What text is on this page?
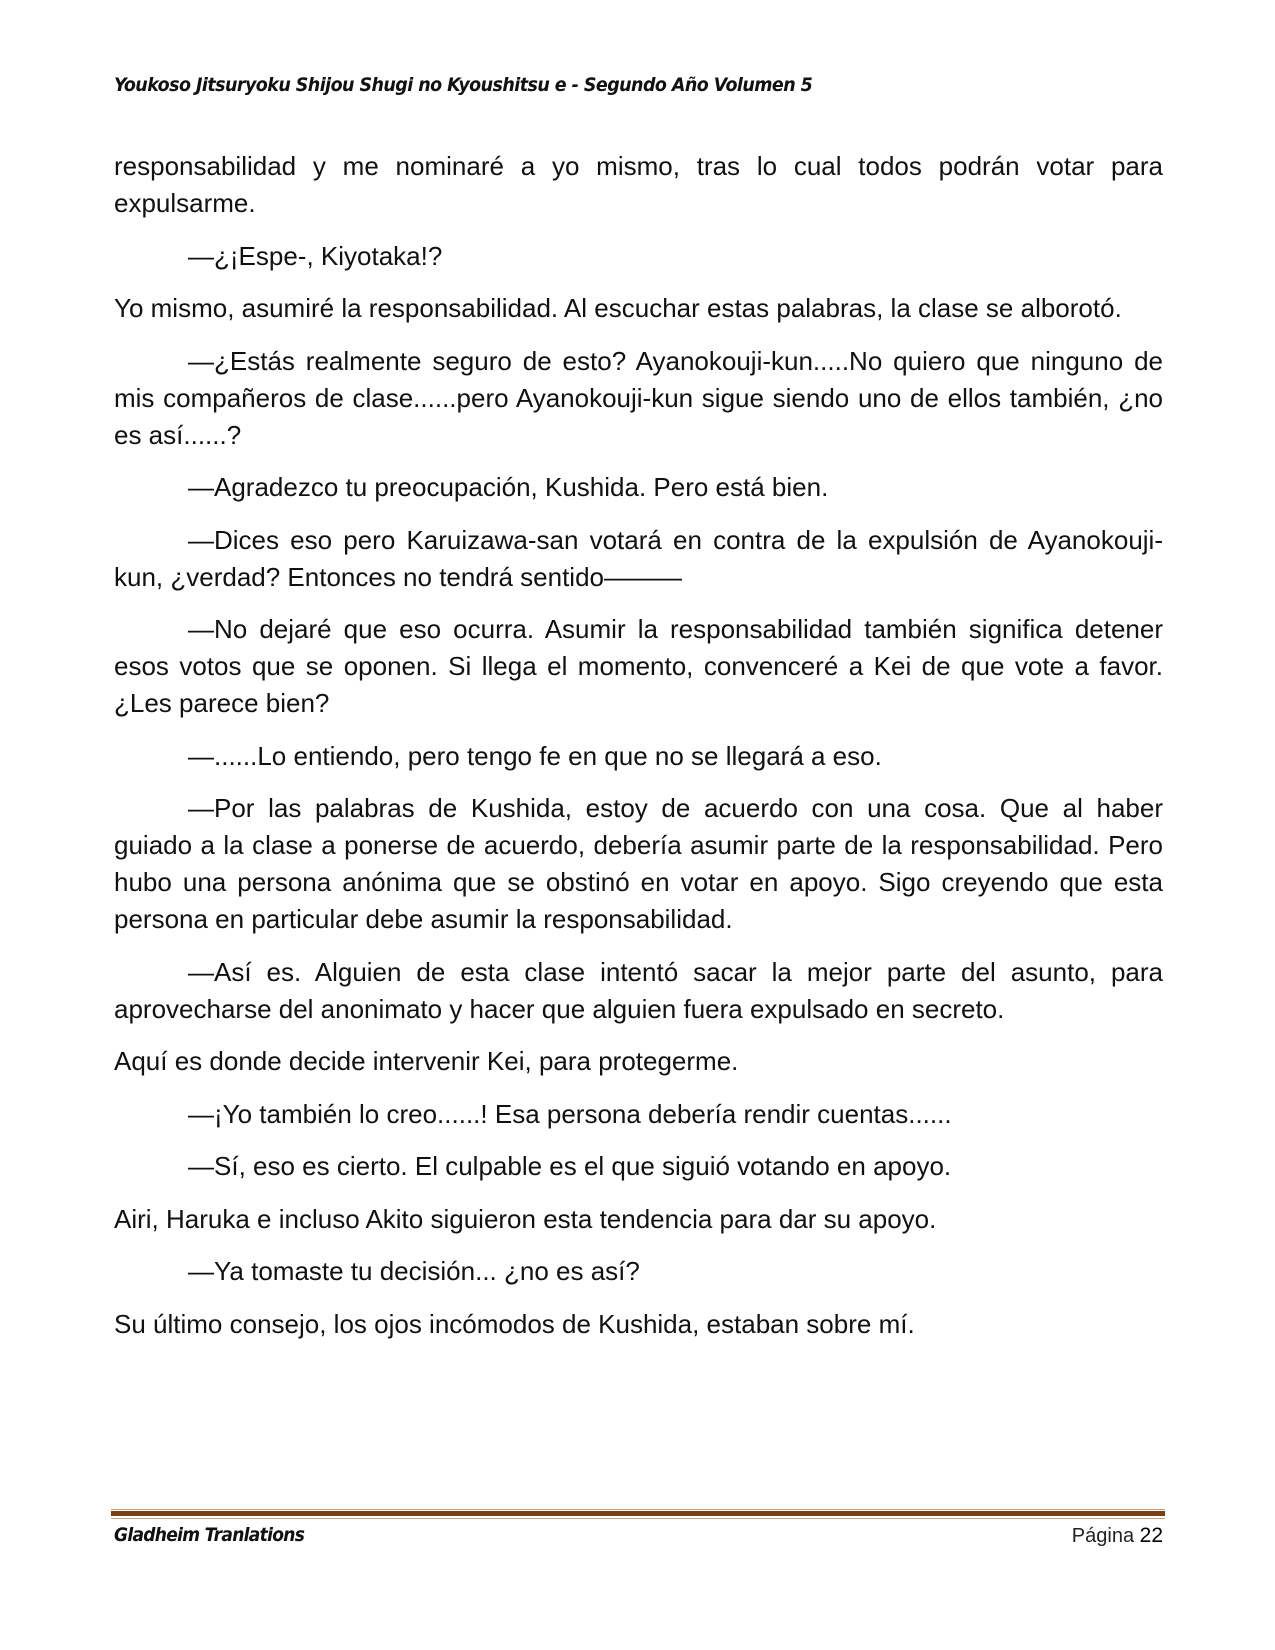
Youkoso Jitsuryoku Shijou Shugi no Kyoushitsu e - Segundo Año Volumen 5

responsabilidad y me nominaré a yo mismo, tras lo cual todos podrán votar para expulsarme.

—¿¡Espe-, Kiyotaka!?

Yo mismo, asumiré la responsabilidad. Al escuchar estas palabras, la clase se alborotó.

—¿Estás realmente seguro de esto? Ayanokouji-kun.....No quiero que ninguno de mis compañeros de clase......pero Ayanokouji-kun sigue siendo uno de ellos también, ¿no es así......?

—Agradezco tu preocupación, Kushida. Pero está bien.

—Dices eso pero Karuizawa-san votará en contra de la expulsión de Ayanokouji-kun, ¿verdad? Entonces no tendrá sentido———

—No dejaré que eso ocurra. Asumir la responsabilidad también significa detener esos votos que se oponen. Si llega el momento, convenceré a Kei de que vote a favor. ¿Les parece bien?

—......Lo entiendo, pero tengo fe en que no se llegará a eso.

—Por las palabras de Kushida, estoy de acuerdo con una cosa. Que al haber guiado a la clase a ponerse de acuerdo, debería asumir parte de la responsabilidad. Pero hubo una persona anónima que se obstinó en votar en apoyo. Sigo creyendo que esta persona en particular debe asumir la responsabilidad.

—Así es. Alguien de esta clase intentó sacar la mejor parte del asunto, para aprovecharse del anonimato y hacer que alguien fuera expulsado en secreto.

Aquí es donde decide intervenir Kei, para protegerme.

—¡Yo también lo creo......! Esa persona debería rendir cuentas......

—Sí, eso es cierto. El culpable es el que siguió votando en apoyo.

Airi, Haruka e incluso Akito siguieron esta tendencia para dar su apoyo.

—Ya tomaste tu decisión... ¿no es así?

Su último consejo, los ojos incómodos de Kushida, estaban sobre mí.

Gladheim Tranlations	Página 22
